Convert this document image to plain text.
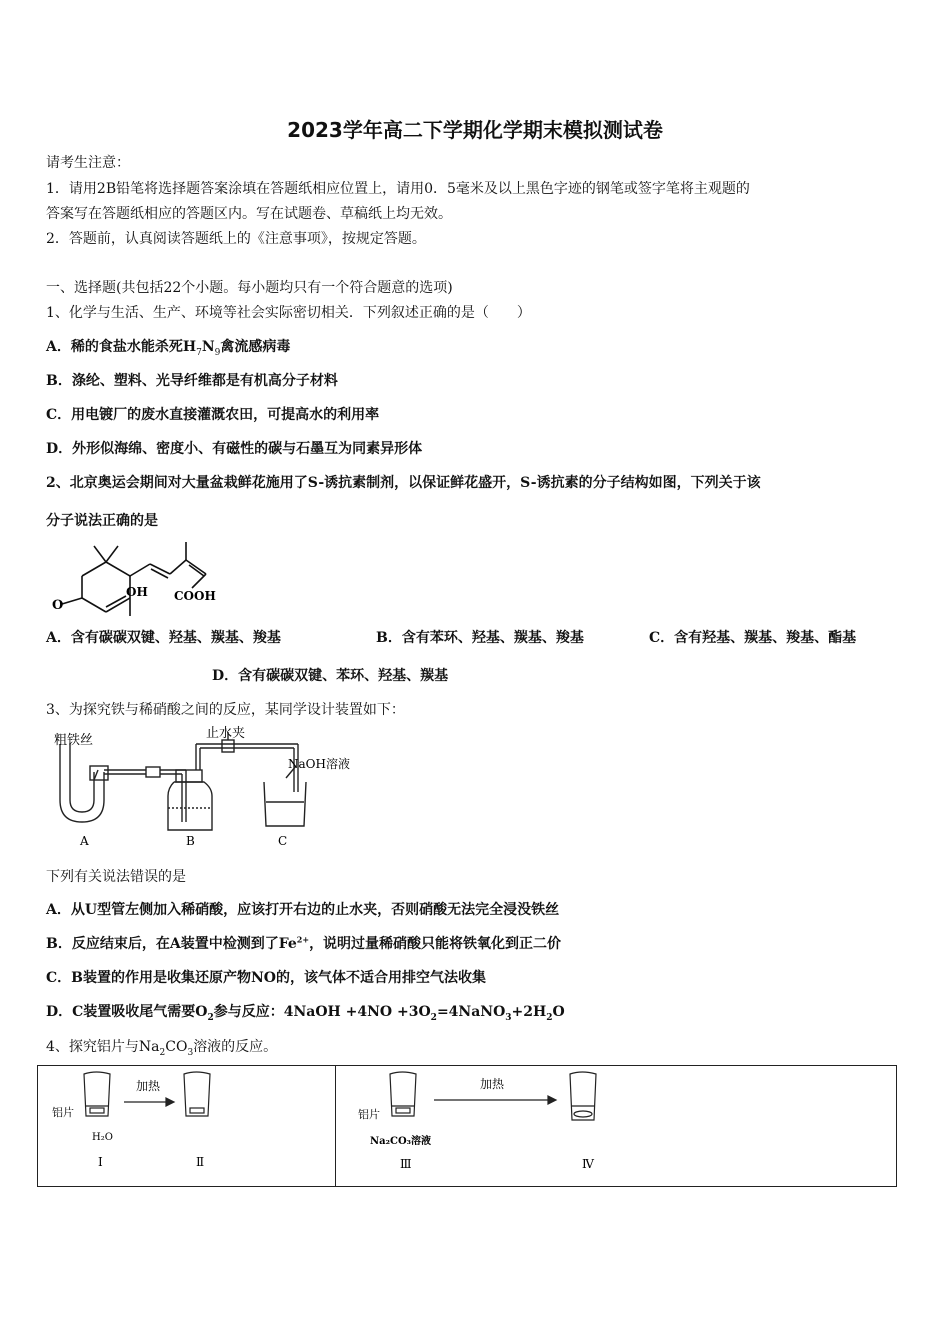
2023学年高二下学期化学期末模拟测试卷
请考生注意：
1．请用2B铅笔将选择题答案涂填在答题纸相应位置上，请用0．5毫米及以上黑色字迹的钢笔或签字笔将主观题的
答案写在答题纸相应的答题区内。写在试题卷、草稿纸上均无效。
2．答题前，认真阅读答题纸上的《注意事项》，按规定答题。
一、选择题(共包括22个小题。每小题均只有一个符合题意的选项)
1、化学与生活、生产、环境等社会实际密切相关．下列叙述正确的是（　　）
A．稀的食盐水能杀死$H_7N_9$禽流感病毒
B．涤纶、塑料、光导纤维都是有机高分子材料
C．用电镀厂的废水直接灌溉农田，可提高水的利用率
D．外形似海绵、密度小、有磁性的碳与石墨互为同素异形体
2、北京奥运会期间对大量盆栽鲜花施用了S-诱抗素制剂，以保证鲜花盛开，S-诱抗素的分子结构如图，下列关于该
分子说法正确的是
O
OH COOH
A．含有碳碳双键、羟基、羰基、羧基	B．含有苯环、羟基、羰基、羧基	C．含有羟基、羰基、羧基、酯基
D．含有碳碳双键、苯环、羟基、羰基
3、为探究铁与稀硝酸之间的反应，某同学设计装置如下：
粗铁丝	止水夹
NaOH溶液
A	B	C
下列有关说法错误的是
A．从U型管左侧加入稀硝酸，应该打开右边的止水夹，否则硝酸无法完全浸没铁丝
B．反应结束后，在A装置中检测到了$Fe^{2+}$，说明过量稀硝酸只能将铁氧化到正二价
C．B装置的作用是收集还原产物NO的，该气体不适合用排空气法收集
D．C装置吸收尾气需要$O_2$参与反应：4NaOH $+4NO +3O_2=4NaNO_3+2H_2O$
4、探究铝片与$Na_2CO_3$溶液的反应。
加热	加热
铝片	铝片
H₂O	Na₂CO₃溶液
Ⅰ	Ⅱ	Ⅲ	Ⅳ
